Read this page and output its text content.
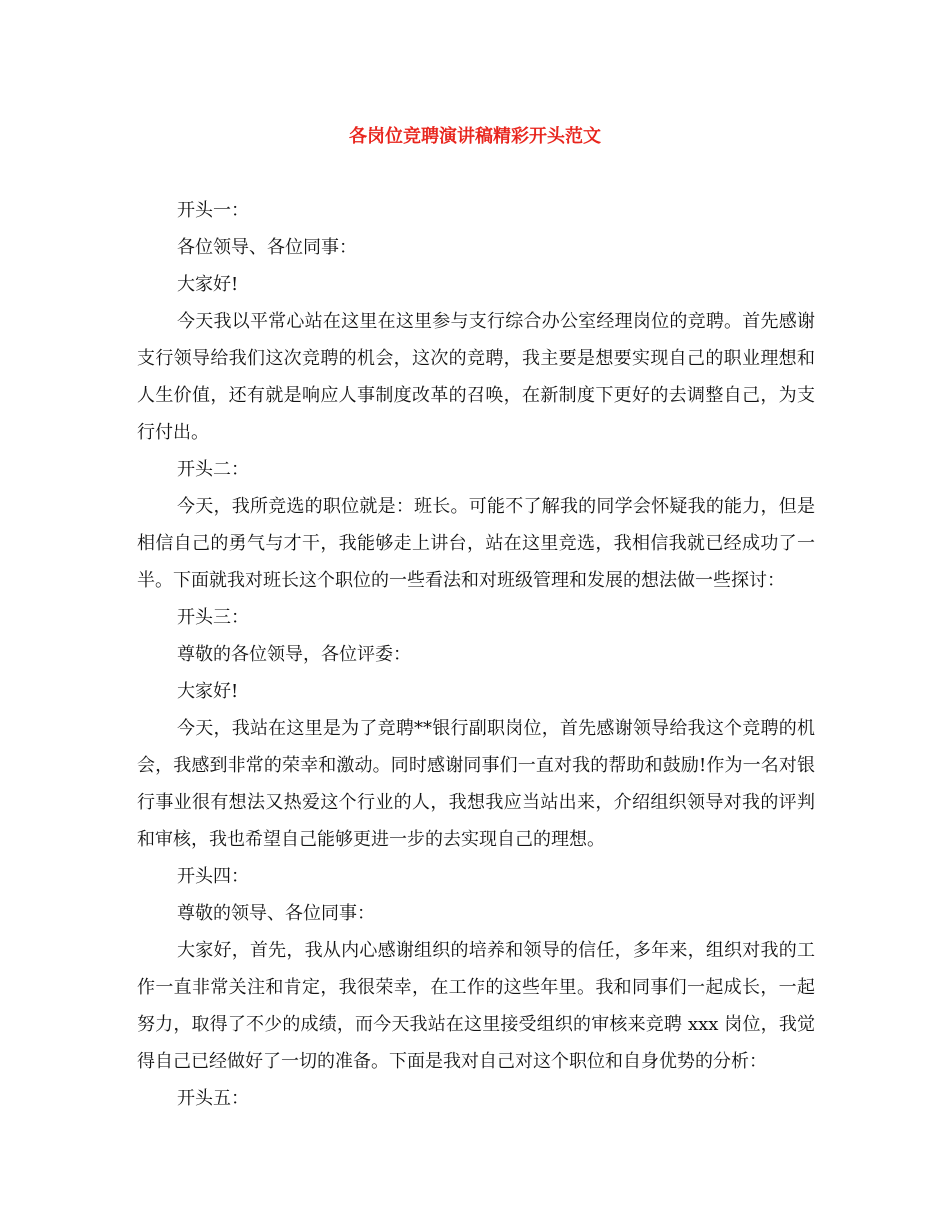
各岗位竞聘演讲稿精彩开头范文

开头一：

各位领导、各位同事：

大家好!

今天我以平常心站在这里在这里参与支行综合办公室经理岗位的竞聘。首先感谢支行领导给我们这次竞聘的机会，这次的竞聘，我主要是想要实现自己的职业理想和人生价值，还有就是响应人事制度改革的召唤，在新制度下更好的去调整自己，为支行付出。

开头二：

今天，我所竞选的职位就是：班长。可能不了解我的同学会怀疑我的能力，但是相信自己的勇气与才干，我能够走上讲台，站在这里竞选，我相信我就已经成功了一半。下面就我对班长这个职位的一些看法和对班级管理和发展的想法做一些探讨：

开头三：

尊敬的各位领导，各位评委：

大家好!

今天，我站在这里是为了竞聘**银行副职岗位，首先感谢领导给我这个竞聘的机会，我感到非常的荣幸和激动。同时感谢同事们一直对我的帮助和鼓励!作为一名对银行事业很有想法又热爱这个行业的人，我想我应当站出来，介绍组织领导对我的评判和审核，我也希望自己能够更进一步的去实现自己的理想。

开头四：

尊敬的领导、各位同事：

大家好，首先，我从内心感谢组织的培养和领导的信任，多年来，组织对我的工作一直非常关注和肯定，我很荣幸，在工作的这些年里。我和同事们一起成长，一起努力，取得了不少的成绩，而今天我站在这里接受组织的审核来竞聘 xxx 岗位，我觉得自己已经做好了一切的准备。下面是我对自己对这个职位和自身优势的分析：

开头五：
